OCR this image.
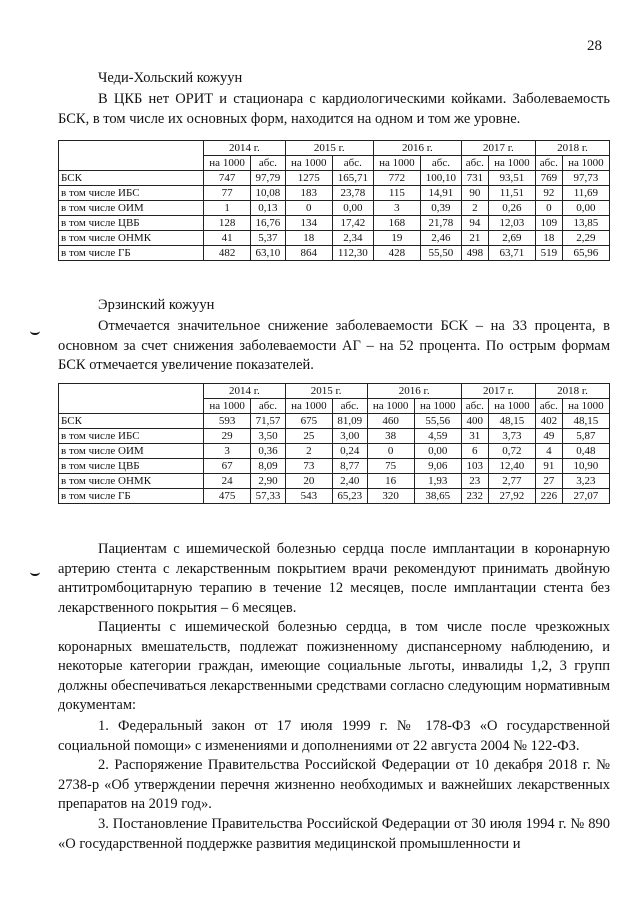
28
Чеди-Хольский кожуун
В ЦКБ нет ОРИТ и стационара с кардиологическими койками. Заболеваемость БСК, в том числе их основных форм, находится на одном и том же уровне.
	2014 г.		2015 г.		2016 г.		2017 г.		2018 г.	
	на 1000	абс.	на 1000	абс.	на 1000	абс.	абс.	на 1000	абс.	на 1000
БСК	747	97,79	1275	165,71	772	100,10	731	93,51	769	97,73
в том числе ИБС	77	10,08	183	23,78	115	14,91	90	11,51	92	11,69
в том числе ОИМ	1	0,13	0	0,00	3	0,39	2	0,26	0	0,00
в том числе ЦВБ	128	16,76	134	17,42	168	21,78	94	12,03	109	13,85
в том числе ОНМК	41	5,37	18	2,34	19	2,46	21	2,69	18	2,29
в том числе ГБ	482	63,10	864	112,30	428	55,50	498	63,71	519	65,96
Эрзинский кожуун
Отмечается значительное снижение заболеваемости БСК – на 33 процента, в основном за счет снижения заболеваемости АГ – на 52 процента. По острым формам БСК отмечается увеличение показателей.
	2014 г.		2015 г.		2016 г.		2017 г.		2018 г.	
	на 1000	абс.	на 1000	абс.	на 1000	на 1000	абс.	на 1000	абс.	на 1000
БСК	593	71,57	675	81,09	460	55,56	400	48,15	402	48,15
в том числе ИБС	29	3,50	25	3,00	38	4,59	31	3,73	49	5,87
в том числе ОИМ	3	0,36	2	0,24	0	0,00	6	0,72	4	0,48
в том числе ЦВБ	67	8,09	73	8,77	75	9,06	103	12,40	91	10,90
в том числе ОНМК	24	2,90	20	2,40	16	1,93	23	2,77	27	3,23
в том числе ГБ	475	57,33	543	65,23	320	38,65	232	27,92	226	27,07
Пациентам с ишемической болезнью сердца после имплантации в коронарную артерию стента с лекарственным покрытием врачи рекомендуют принимать двойную антитромбоцитарную терапию в течение 12 месяцев, после имплантации стента без лекарственного покрытия – 6 месяцев.
Пациенты с ишемической болезнью сердца, в том числе после чрезкожных коронарных вмешательств, подлежат пожизненному диспансерному наблюдению, и некоторые категории граждан, имеющие социальные льготы, инвалиды 1,2, 3 групп должны обеспечиваться лекарственными средствами согласно следующим нормативным документам:
1. Федеральный закон от 17 июля 1999 г. № 178-ФЗ «О государственной социальной помощи» с изменениями и дополнениями от 22 августа 2004 № 122-ФЗ.
2. Распоряжение Правительства Российской Федерации от 10 декабря 2018 г. № 2738-р «Об утверждении перечня жизненно необходимых и важнейших лекарственных препаратов на 2019 год».
3. Постановление Правительства Российской Федерации от 30 июля 1994 г. № 890 «О государственной поддержке развития медицинской промышленности и
